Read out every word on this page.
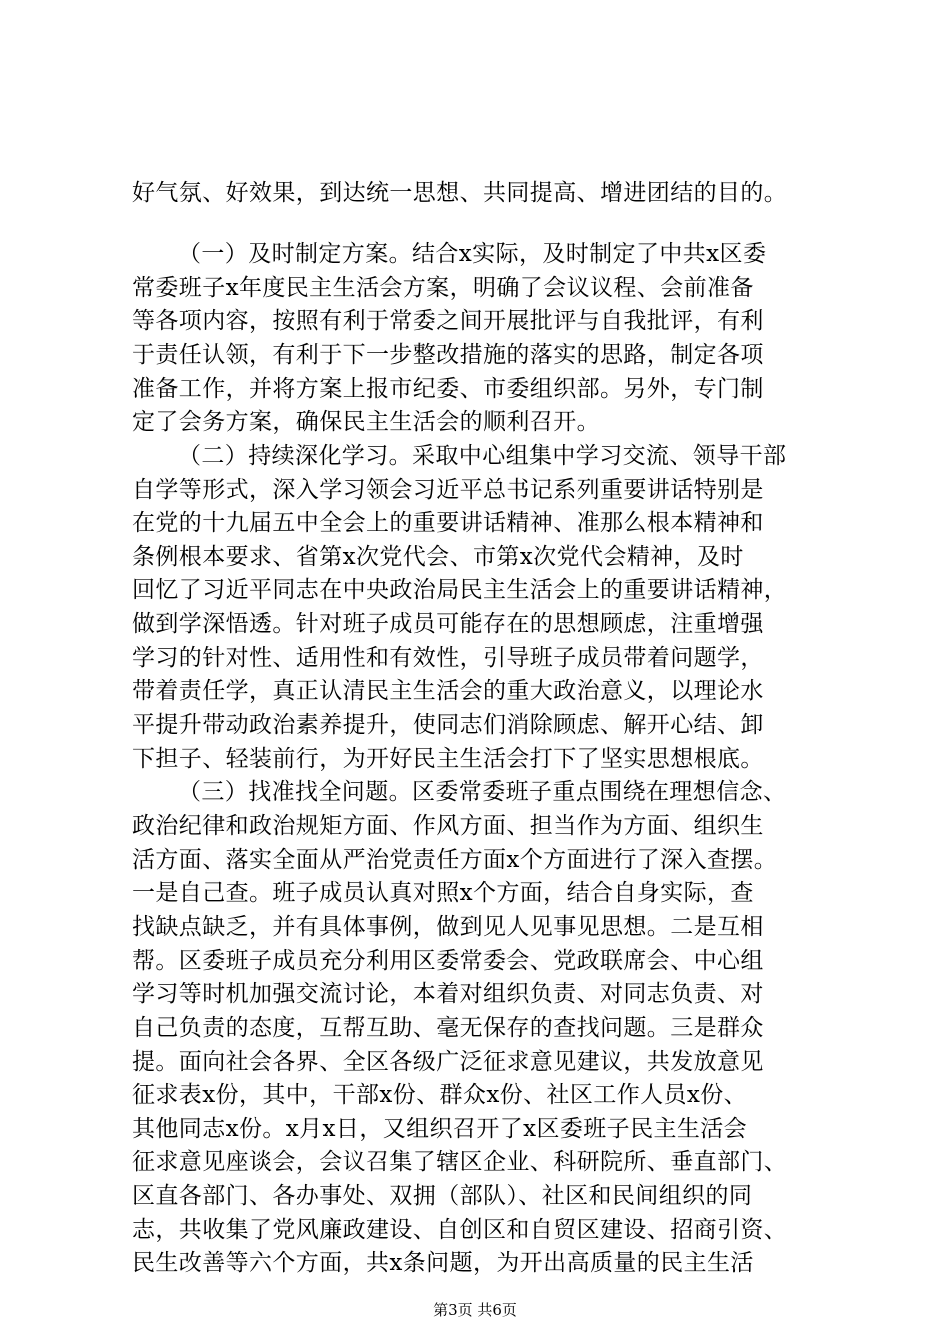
好气氛、好效果，到达统一思想、共同提高、增进团结的目的。
（一）及时制定方案。结合x实际，及时制定了中共x区委
常委班子x年度民主生活会方案，明确了会议议程、会前准备
等各项内容，按照有利于常委之间开展批评与自我批评，有利
于责任认领，有利于下一步整改措施的落实的思路，制定各项
准备工作，并将方案上报市纪委、市委组织部。另外，专门制
定了会务方案，确保民主生活会的顺利召开。
（二）持续深化学习。采取中心组集中学习交流、领导干部
自学等形式，深入学习领会习近平总书记系列重要讲话特别是
在党的十九届五中全会上的重要讲话精神、准那么根本精神和
条例根本要求、省第x次党代会、市第x次党代会精神，及时
回忆了习近平同志在中央政治局民主生活会上的重要讲话精神，
做到学深悟透。针对班子成员可能存在的思想顾虑，注重增强
学习的针对性、适用性和有效性，引导班子成员带着问题学，
带着责任学，真正认清民主生活会的重大政治意义，以理论水
平提升带动政治素养提升，使同志们消除顾虑、解开心结、卸
下担子、轻装前行，为开好民主生活会打下了坚实思想根底。
（三）找准找全问题。区委常委班子重点围绕在理想信念、
政治纪律和政治规矩方面、作风方面、担当作为方面、组织生
活方面、落实全面从严治党责任方面x个方面进行了深入查摆。
一是自己查。班子成员认真对照x个方面，结合自身实际，查
找缺点缺乏，并有具体事例，做到见人见事见思想。二是互相
帮。区委班子成员充分利用区委常委会、党政联席会、中心组
学习等时机加强交流讨论，本着对组织负责、对同志负责、对
自己负责的态度，互帮互助、毫无保存的查找问题。三是群众
提。面向社会各界、全区各级广泛征求意见建议，共发放意见
征求表x份，其中，干部x份、群众x份、社区工作人员x份、
其他同志x份。x月x日，又组织召开了x区委班子民主生活会
征求意见座谈会，会议召集了辖区企业、科研院所、垂直部门、
区直各部门、各办事处、双拥（部队）、社区和民间组织的同
志，共收集了党风廉政建设、自创区和自贸区建设、招商引资、
民生改善等六个方面，共x条问题，为开出高质量的民主生活
第3页 共6页
